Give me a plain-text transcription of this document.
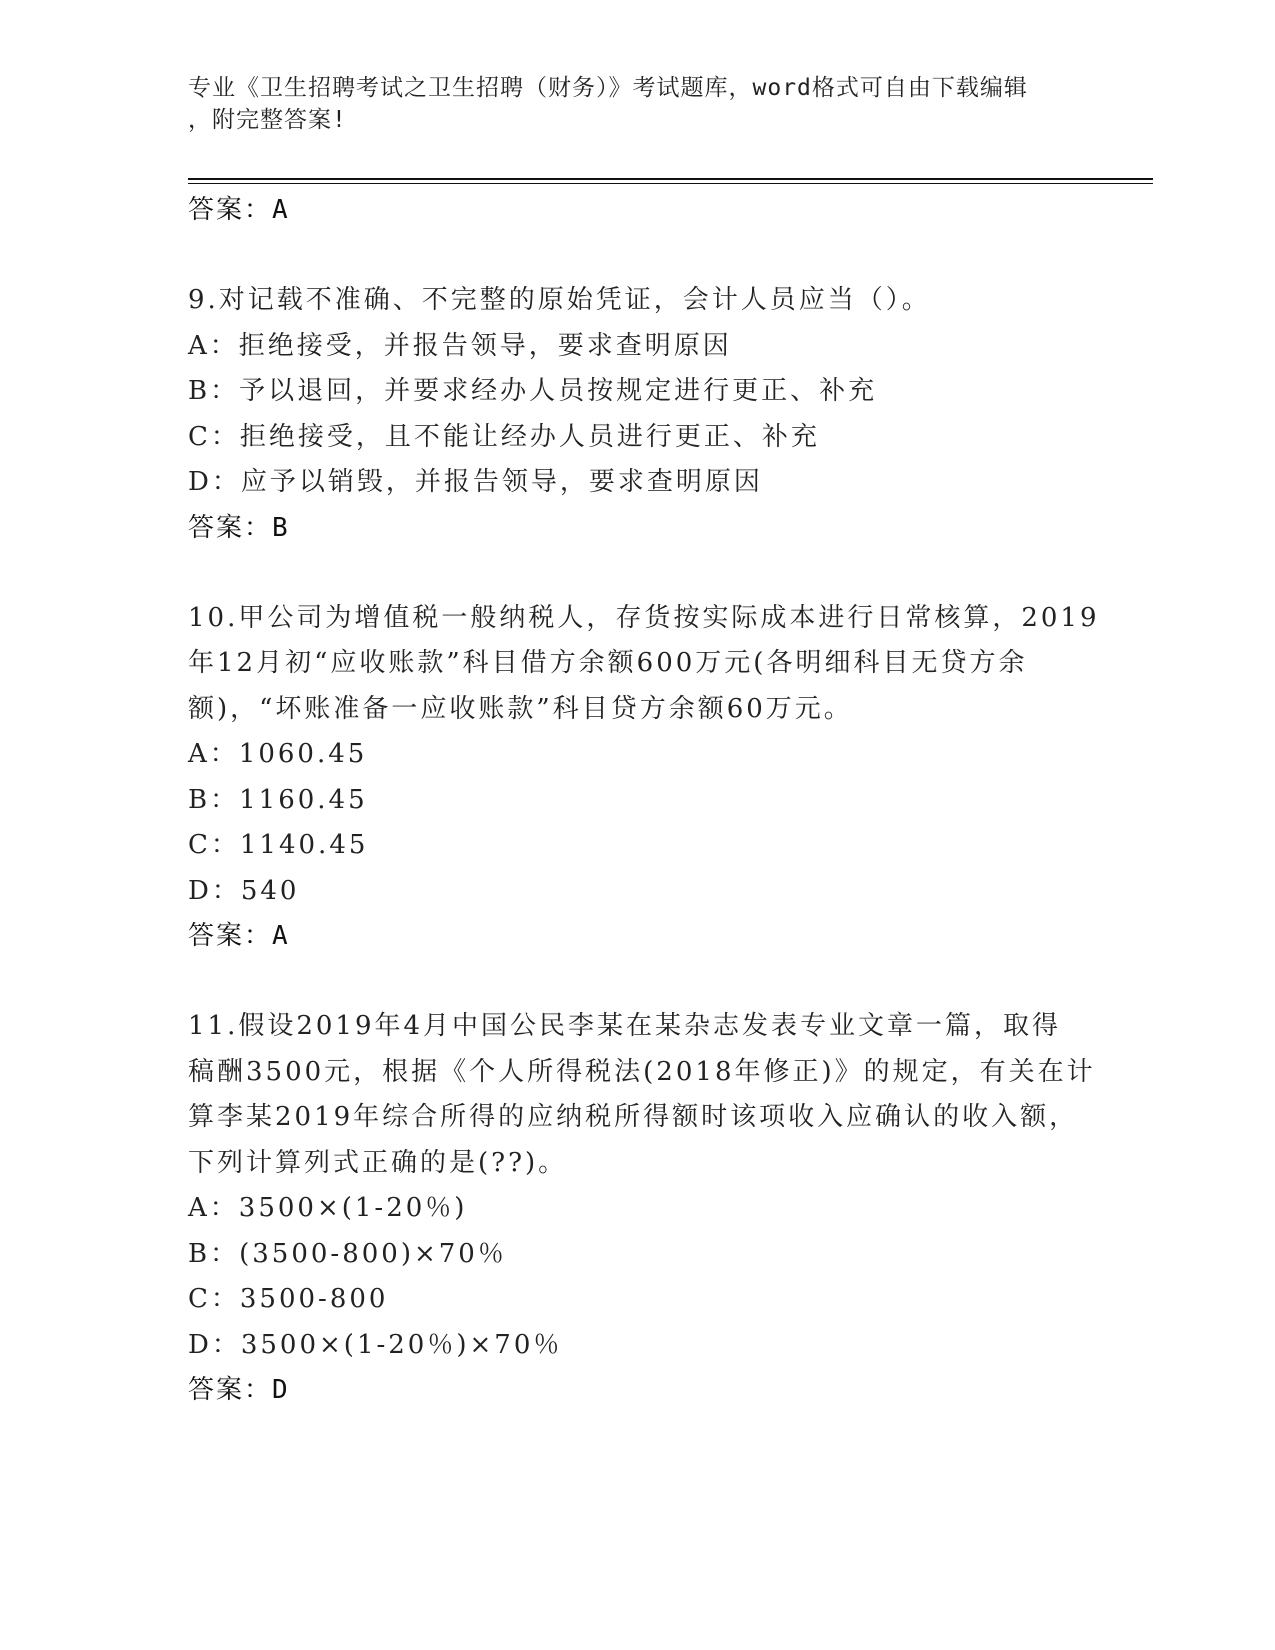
专业《卫生招聘考试之卫生招聘（财务）》考试题库，word格式可自由下载编辑
，附完整答案!
答案：A
9.对记载不准确、不完整的原始凭证，会计人员应当（）。
A：拒绝接受，并报告领导，要求查明原因
B：予以退回，并要求经办人员按规定进行更正、补充
C：拒绝接受，且不能让经办人员进行更正、补充
D：应予以销毁，并报告领导，要求查明原因
答案：B
10.甲公司为增值税一般纳税人，存货按实际成本进行日常核算，2019
年12月初“应收账款”科目借方余额600万元(各明细科目无贷方余
额)，“坏账准备一应收账款”科目贷方余额60万元。
A：1060.45
B：1160.45
C：1140.45
D：540
答案：A
11.假设2019年4月中国公民李某在某杂志发表专业文章一篇，取得
稿酬3500元，根据《个人所得税法(2018年修正)》的规定，有关在计
算李某2019年综合所得的应纳税所得额时该项收入应确认的收入额，
下列计算列式正确的是(??)。
A：3500×(1-20％)
B：(3500-800)×70％
C：3500-800
D：3500×(1-20％)×70％
答案：D
